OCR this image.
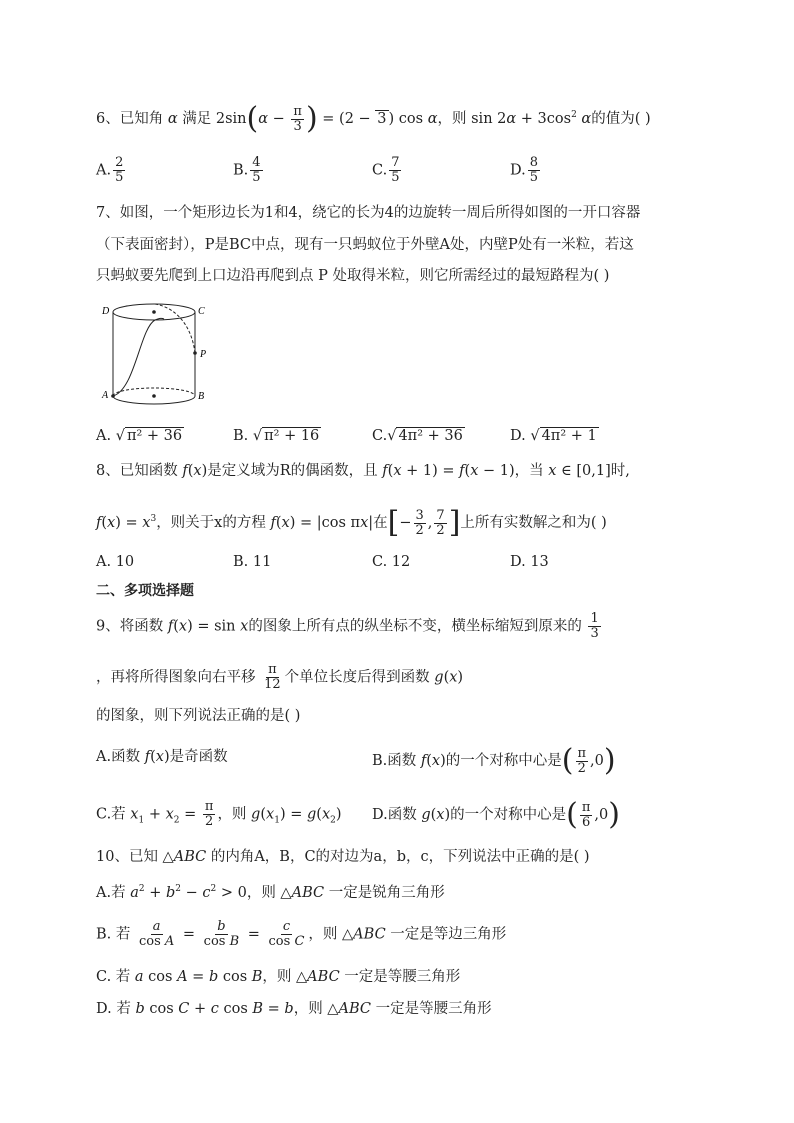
6、已知角 α 满足 $2\sin(\alpha - \frac{\pi}{3}$ ) = (2 − 3 ) cos α，则 $\sin 2\alpha + 3\cos^2$ α的值为( )
A. $\frac{2}{5}$	B. $\frac{4}{5}$	C. $\frac{7}{5}$	D. $\frac{8}{5}$
7、如图，一个矩形边长为1和4，绕它的长为4的边旋转一周后所得如图的一开口容器
（下表面密封），P是BC中点，现有一只蚂蚁位于外壁A处，内壁P处有一米粒，若这
只蚂蚁要先爬到上口边沿再爬到点 P 处取得米粒，则它所需经过的最短路程为( )
D	C
P
A	B
A. √ π² + 36	B. √ π² + 16	C.√ 4π² + 36	D. √ 4π² + 1
8、已知函数 f(x)是定义域为R的偶函数，且 f(x + 1) = f(x − 1)，当 x ∈ [0,1]时,
$f(x) = x^3$，则关于x的方程 f(x) = |cos πx|在[− $\frac{3}{2}$ , $\frac{7}{2}$ ]上所有实数解之和为( )
A. 10	B. 11	C. 12	D. 13
二、多项选择题
9、将函数 f(x) = sin x的图象上所有点的纵坐标不变，横坐标缩短到原来的 $\frac{1}{3}$
，再将所得图象向右平移 $\frac{\pi}{12}$ 个单位长度后得到函数 g(x)
的图象，则下列说法正确的是( )
A.函数 f(x)是奇函数	B.函数 f(x)的一个对称中心是( $\frac{\pi}{2} ,0$)
C.若 $x_1 + x_2 = \frac{\pi}{2}$ ，则 $g(x_1) = g(x_2)$ D.函数 g(x)的一个对称中心是( $\frac{\pi}{6} ,0$)
10、已知 △ABC 的内角A，B，C的对边为a，b，c，下列说法中正确的是( )
A.若 $a^2 + b^2 - c^2 > 0$，则 △ABC 一定是锐角三角形
B. 若 $\frac{a}{\text{cos A}} = \frac{b}{\text{cos B}} = \frac{c}{\text{cos C}}$ ，则 △ABC 一定是等边三角形
C. 若 a cos A = b cos B，则 △ABC 一定是等腰三角形
D. 若 b cos C + c cos B = b，则 △ABC 一定是等腰三角形
